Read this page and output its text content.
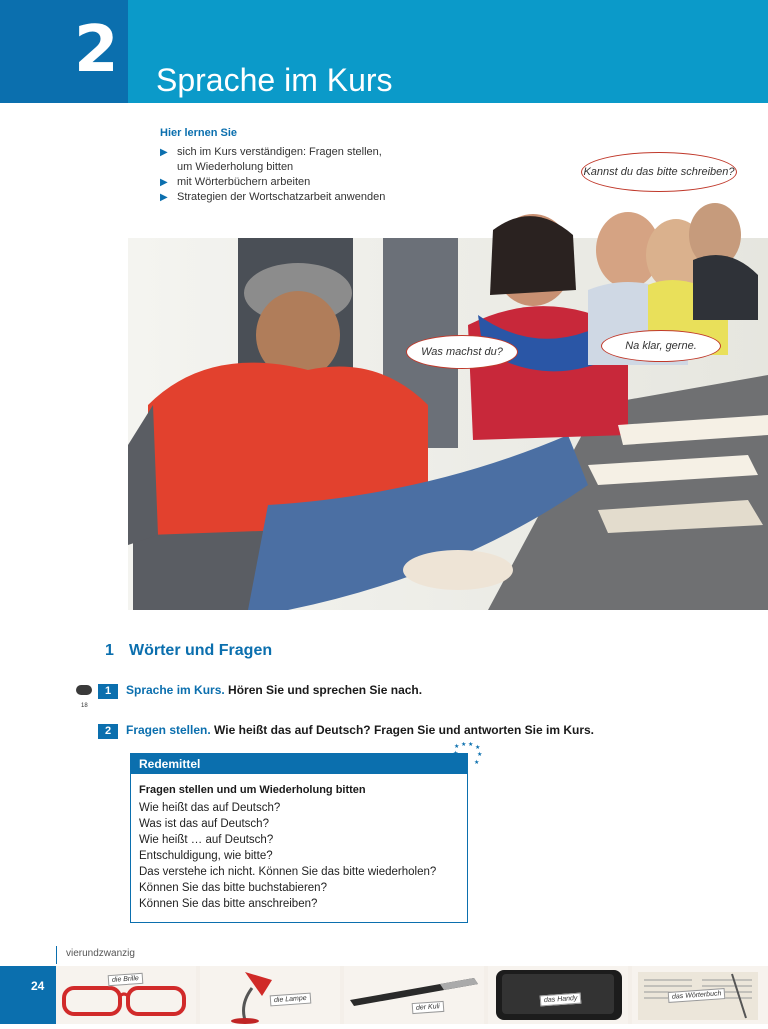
2 Sprache im Kurs
Hier lernen Sie
▶ sich im Kurs verständigen: Fragen stellen,
um Wiederholung bitten
▶ mit Wörterbüchern arbeiten
▶ Strategien der Wortschatzarbeit anwenden
Kannst du das bitte schreiben?
Was machst du?	Na klar, gerne.
1 Wörter und Fragen
18
1 Sprache im Kurs. Hören Sie und sprechen Sie nach.
2 Fragen stellen. Wie heißt das auf Deutsch? Fragen Sie und antworten Sie im Kurs.
★ ★ ★ ★
★
★
Redemittel
Fragen stellen und um Wiederholung bitten
Wie heißt das auf Deutsch?
Was ist das auf Deutsch?
Wie heißt … auf Deutsch?
Entschuldigung, wie bitte?
Das verstehe ich nicht. Können Sie das bitte wiederholen?
Können Sie das bitte buchstabieren?
Können Sie das bitte anschreiben?
vierundzwanzig
24	die Brille
die Lampe
der Kuli
das Handy	das Wörterbuch
